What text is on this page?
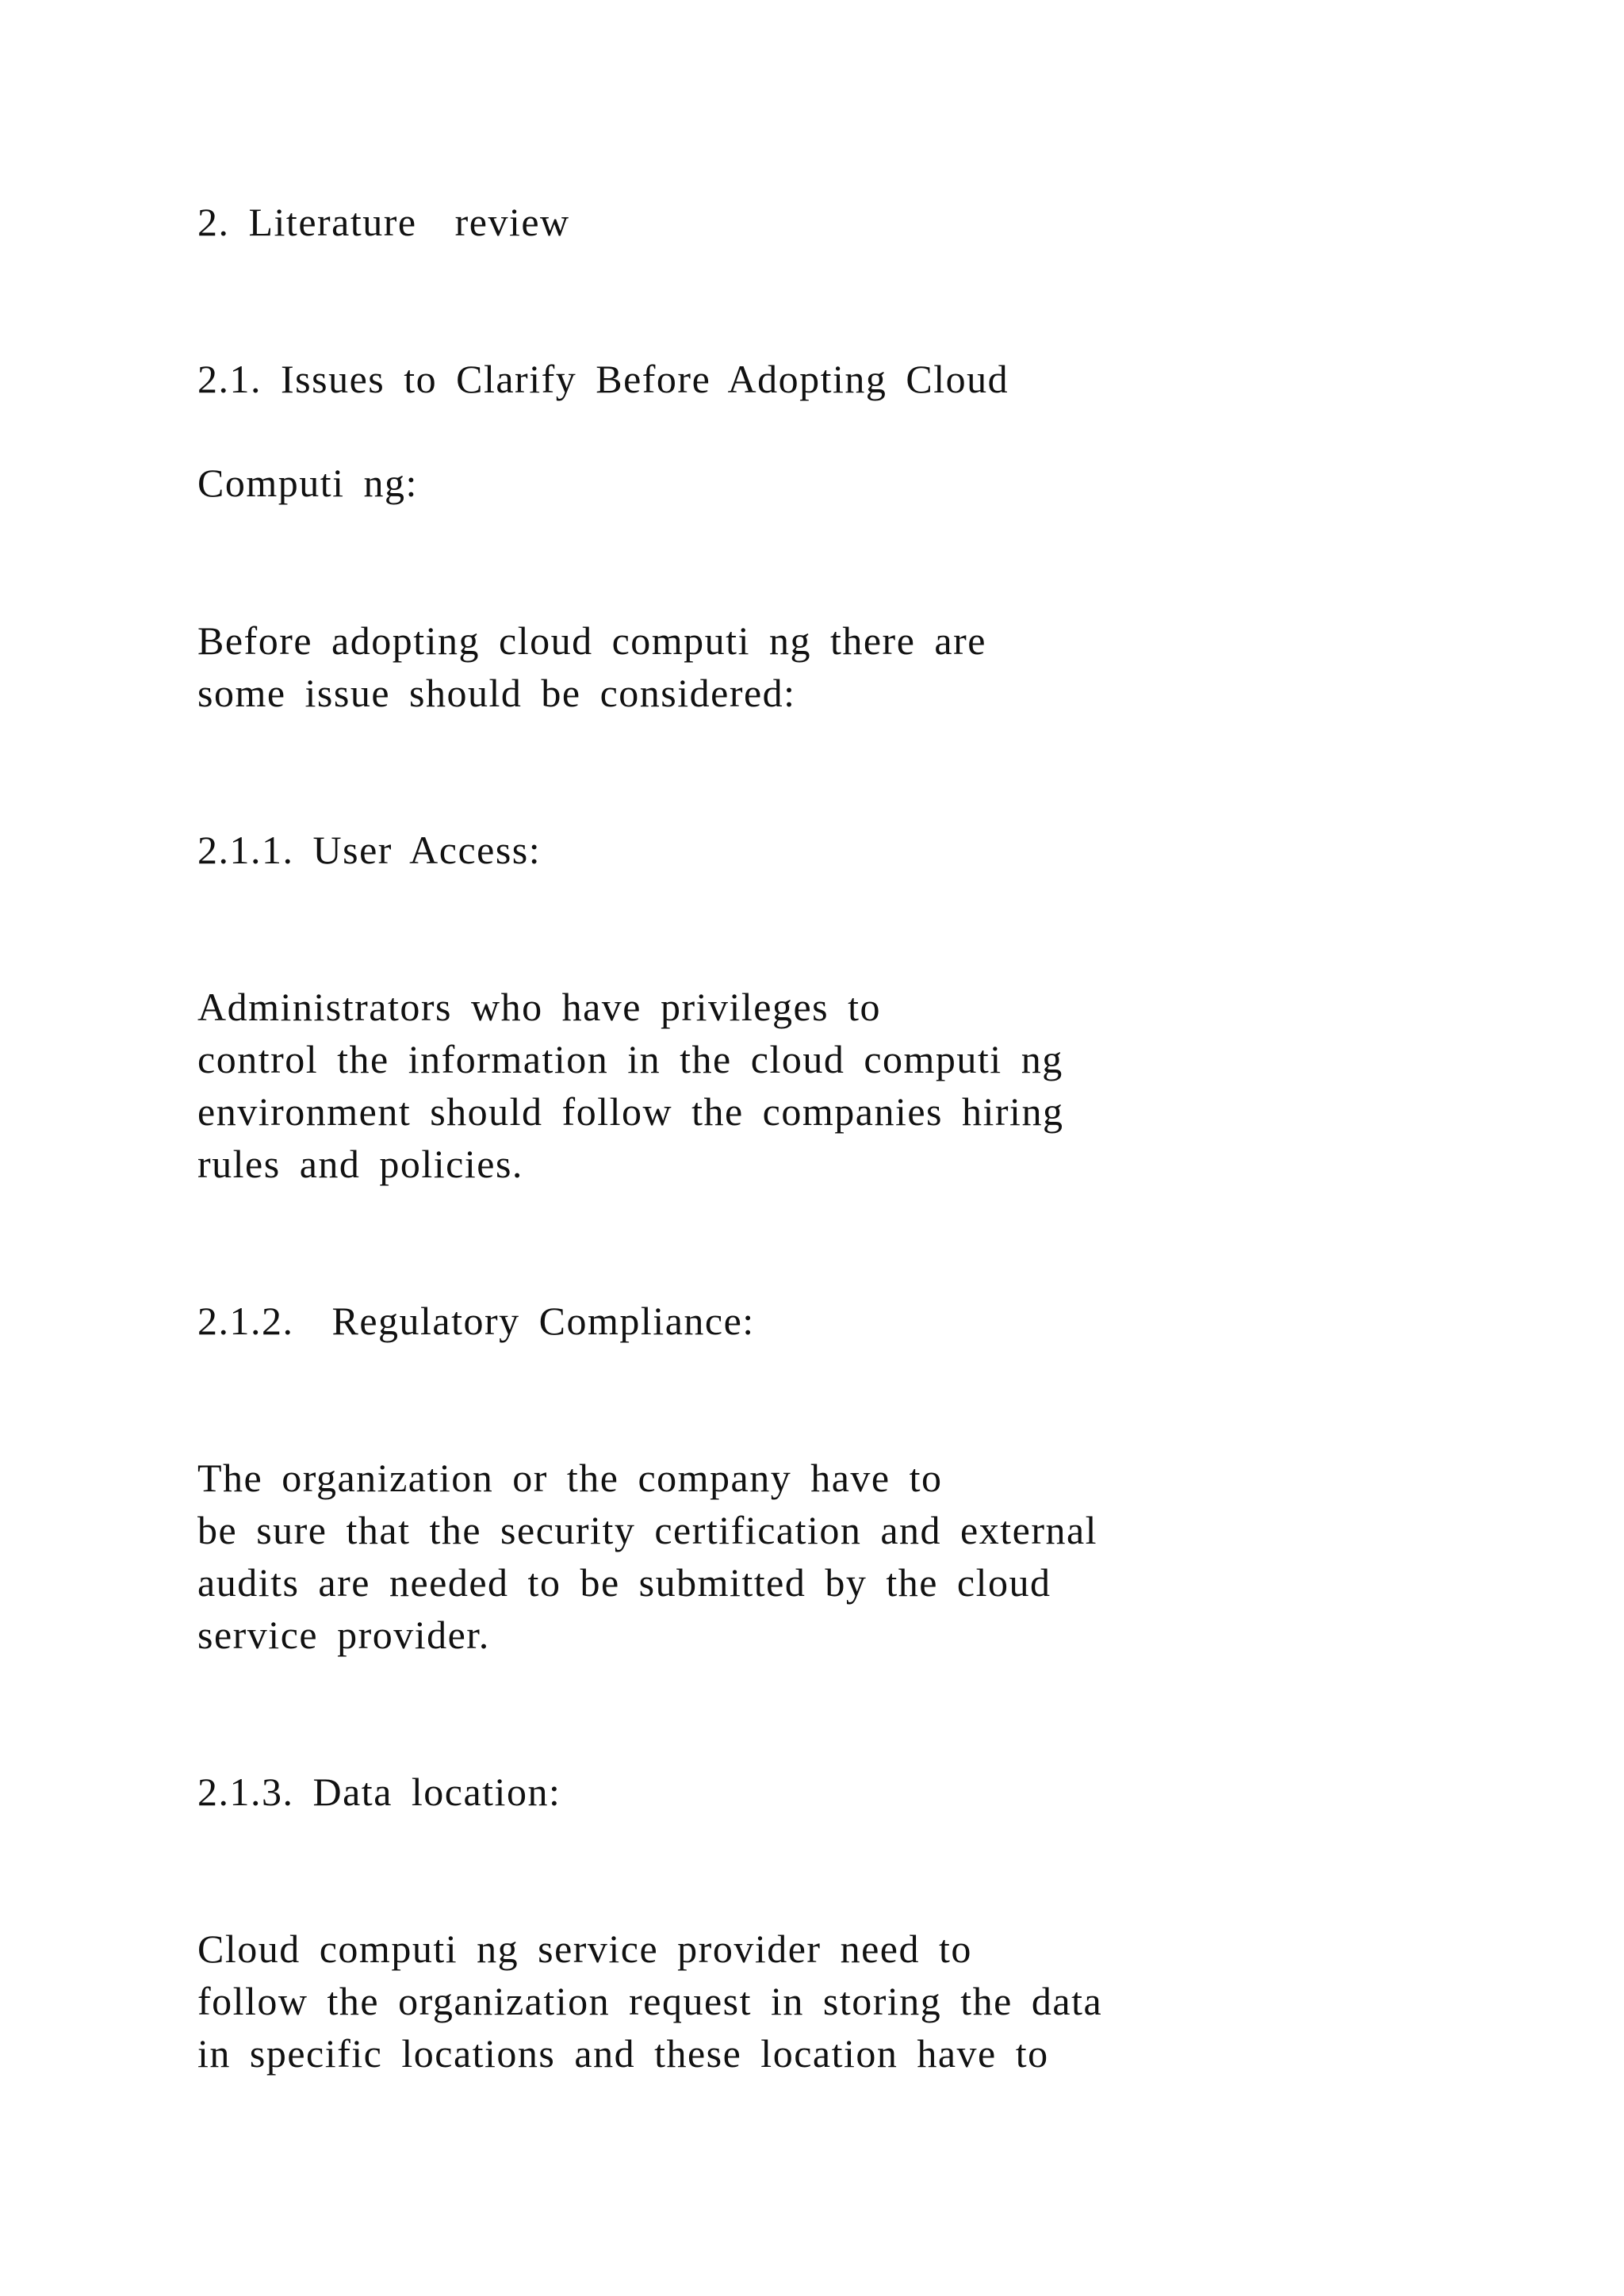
2. Literature  review
2.1. Issues to Clarify Before Adopting Cloud
Computi ng:

Before adopting cloud computi ng there are

some issue should be considered:

2.1.1. User Access:

Administrators who have privileges to

control the information in the cloud computi ng

environment should follow the companies hiring

rules and policies.

2.1.2.  Regulatory Compliance:

The organization or the company have to

be sure that the security certification and external

audits are needed to be submitted by the cloud

service provider.

2.1.3. Data location:

Cloud computi ng service provider need to

follow the organization request in storing the data

in specific locations and these location have to
